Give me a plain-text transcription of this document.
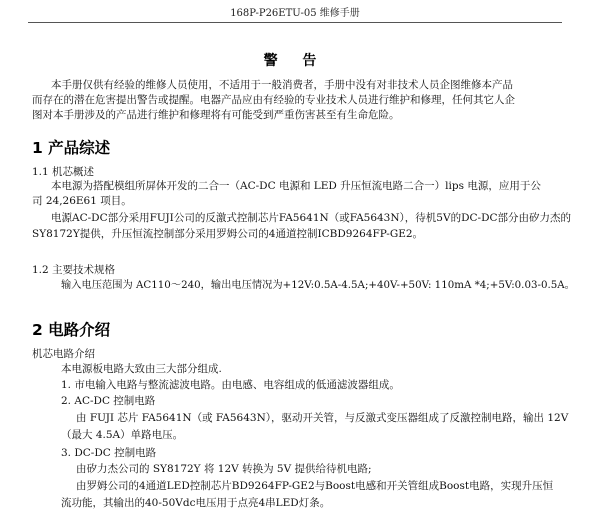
168P-P26ETU-05 维修手册
警 告
本手册仅供有经验的维修人员使用，不适用于一般消费者，手册中没有对非技术人员企图维修本产品
而存在的潜在危害提出警告或提醒。电器产品应由有经验的专业技术人员进行维护和修理，任何其它人企
图对本手册涉及的产品进行维护和修理将有可能受到严重伤害甚至有生命危险。
1 产品综述
1.1 机芯概述
本电源为搭配模组所屏体开发的二合一（AC-DC 电源和 LED 升压恒流电路二合一）lips 电源，应用于公
司 24,26E61 项目。
电源AC-DC部分采用FUJI公司的反激式控制芯片FA5641N（或FA5643N），待机5V的DC-DC部分由矽力杰的
SY8172Y提供，升压恒流控制部分采用罗姆公司的4通道控制ICBD9264FP-GE2。
1.2 主要技术规格
输入电压范围为 AC110～240，输出电压情况为+12V:0.5A-4.5A;+40V-+50V: 110mA *4;+5V:0.03-0.5A。
2 电路介绍
机芯电路介绍
本电源板电路大致由三大部分组成.
1. 市电输入电路与整流滤波电路。由电感、电容组成的低通滤波器组成。
2. AC-DC 控制电路
由 FUJI 芯片 FA5641N（或 FA5643N），驱动开关管，与反激式变压器组成了反激控制电路，输出 12V
（最大 4.5A）单路电压。
3. DC-DC 控制电路
由矽力杰公司的 SY8172Y 将 12V 转换为 5V 提供给待机电路;
由罗姆公司的4通道LED控制芯片BD9264FP-GE2与Boost电感和开关管组成Boost电路，实现升压恒
流功能，其输出的40-50Vdc电压用于点亮4串LED灯条。
